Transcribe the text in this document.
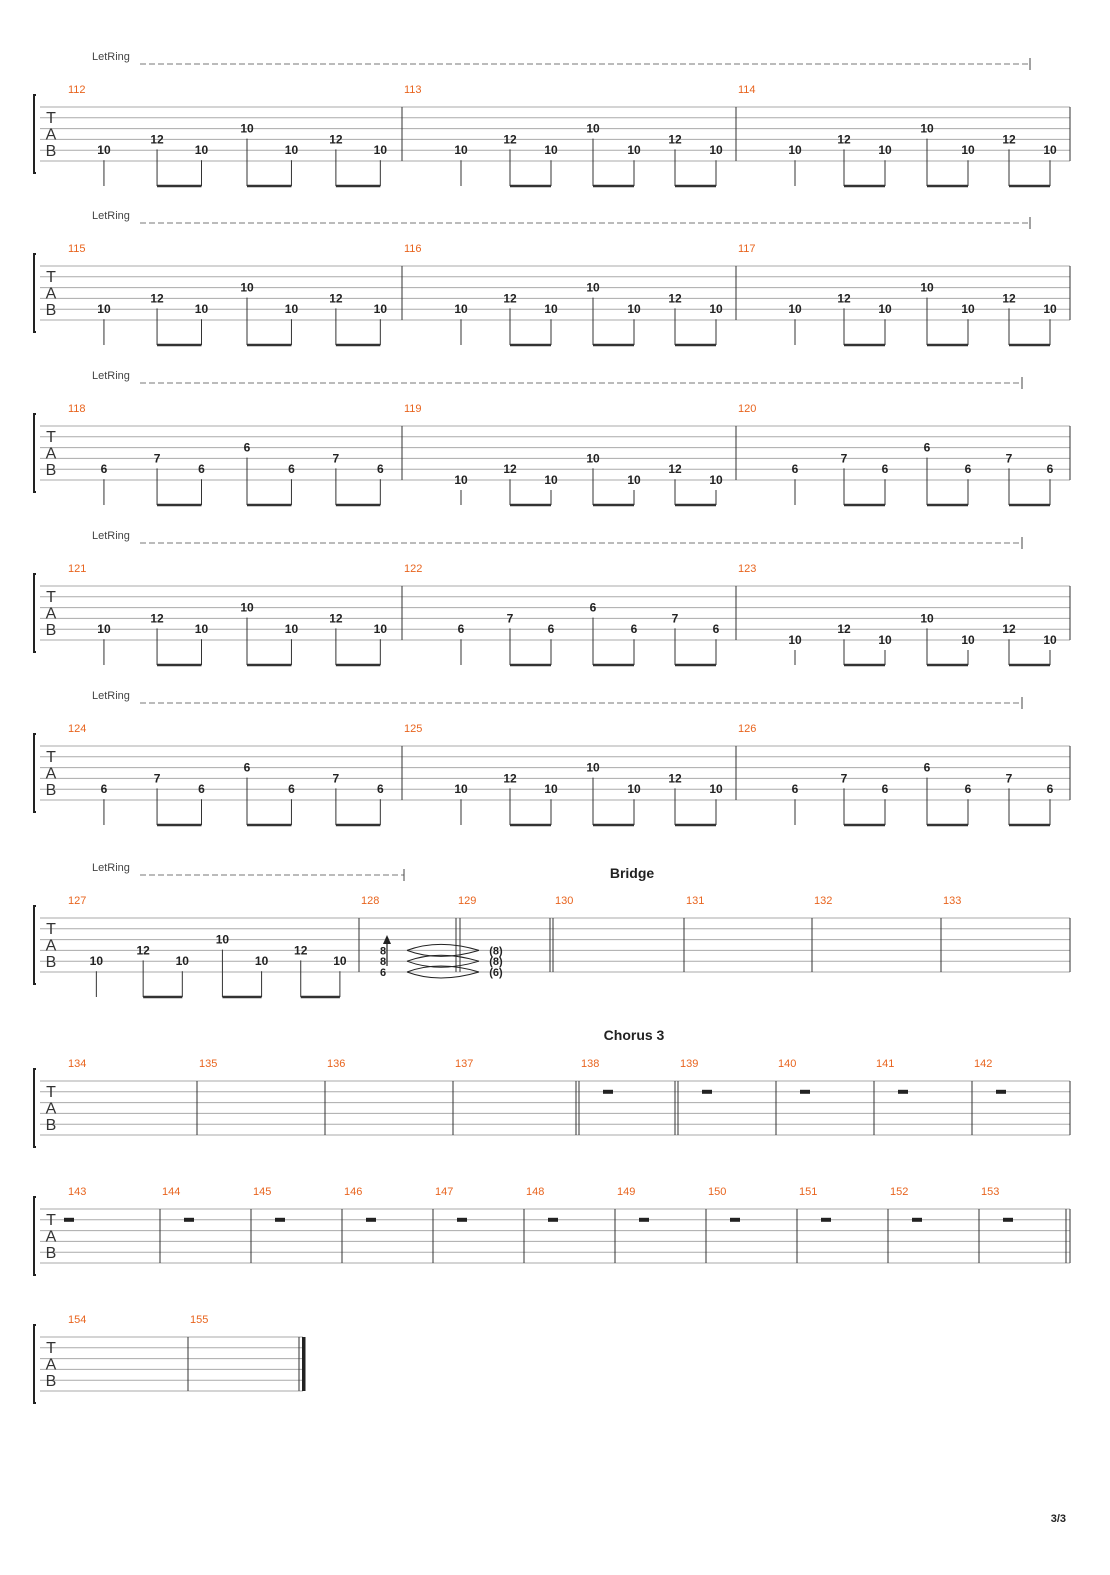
T
A
B
LetRing
112
10
12
10
10
10
12
10
113
10
12
10
10
10
12
10
114
10
12
10
10
10
12
10
T
A
B
LetRing
115
10
12
10
10
10
12
10
116
10
12
10
10
10
12
10
117
10
12
10
10
10
12
10
T
A
B
LetRing
118
6
7
6
6
6
7
6
119
10
12
10
10
10
12
10
120
6
7
6
6
6
7
6
T
A
B
LetRing
121
10
12
10
10
10
12
10
122
6
7
6
6
6
7
6
123
10
12
10
10
10
12
10
T
A
B
LetRing
124
6
7
6
6
6
7
6
125
10
12
10
10
10
12
10
126
6
7
6
6
6
7
6
T
A
B
LetRing
127
10
12
10
10
10
12
10
128
8
8
6
129
(8)
(8)
(6)
130	131	132	133
T
A
B
134	135	136	137	138	139	140	141	142
T
A
B
143	144	145	146	147	148	149	150	151	152	153
T
A
B
154	155
Bridge
Chorus 3
3/3
